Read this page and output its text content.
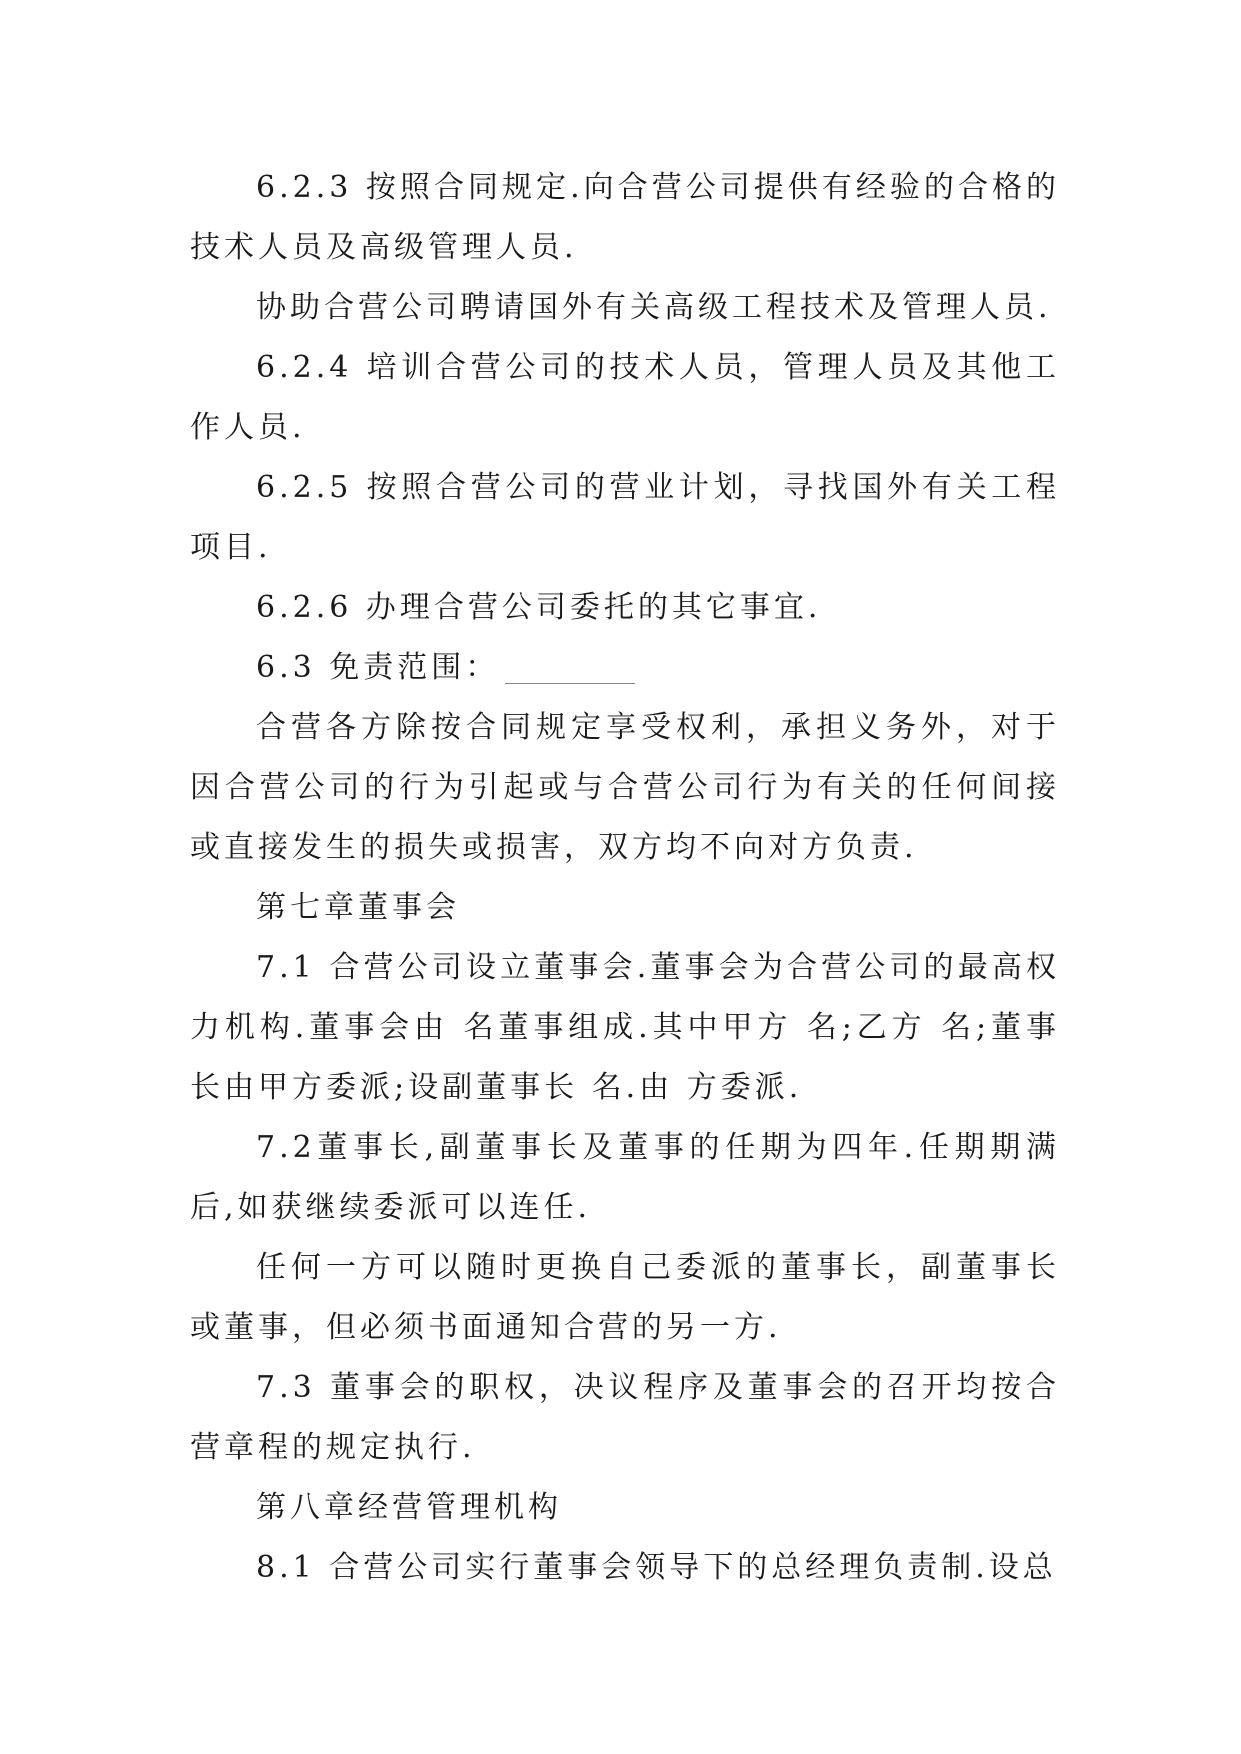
6.2.3 按照合同规定.向合营公司提供有经验的合格的技术人员及高级管理人员.

协助合营公司聘请国外有关高级工程技术及管理人员.

6.2.4 培训合营公司的技术人员，管理人员及其他工作人员.

6.2.5 按照合营公司的营业计划，寻找国外有关工程项目.

6.2.6 办理合营公司委托的其它事宜.

6.3 免责范围：

合营各方除按合同规定享受权利，承担义务外，对于因合营公司的行为引起或与合营公司行为有关的任何间接或直接发生的损失或损害，双方均不向对方负责.

第七章董事会

7.1 合营公司设立董事会.董事会为合营公司的最高权力机构.董事会由 名董事组成.其中甲方 名;乙方 名;董事长由甲方委派;设副董事长 名.由 方委派.

7.2董事长,副董事长及董事的任期为四年.任期期满后,如获继续委派可以连任.

任何一方可以随时更换自己委派的董事长，副董事长或董事，但必须书面通知合营的另一方.

7.3 董事会的职权，决议程序及董事会的召开均按合营章程的规定执行.

第八章经营管理机构

8.1 合营公司实行董事会领导下的总经理负责制.设总
